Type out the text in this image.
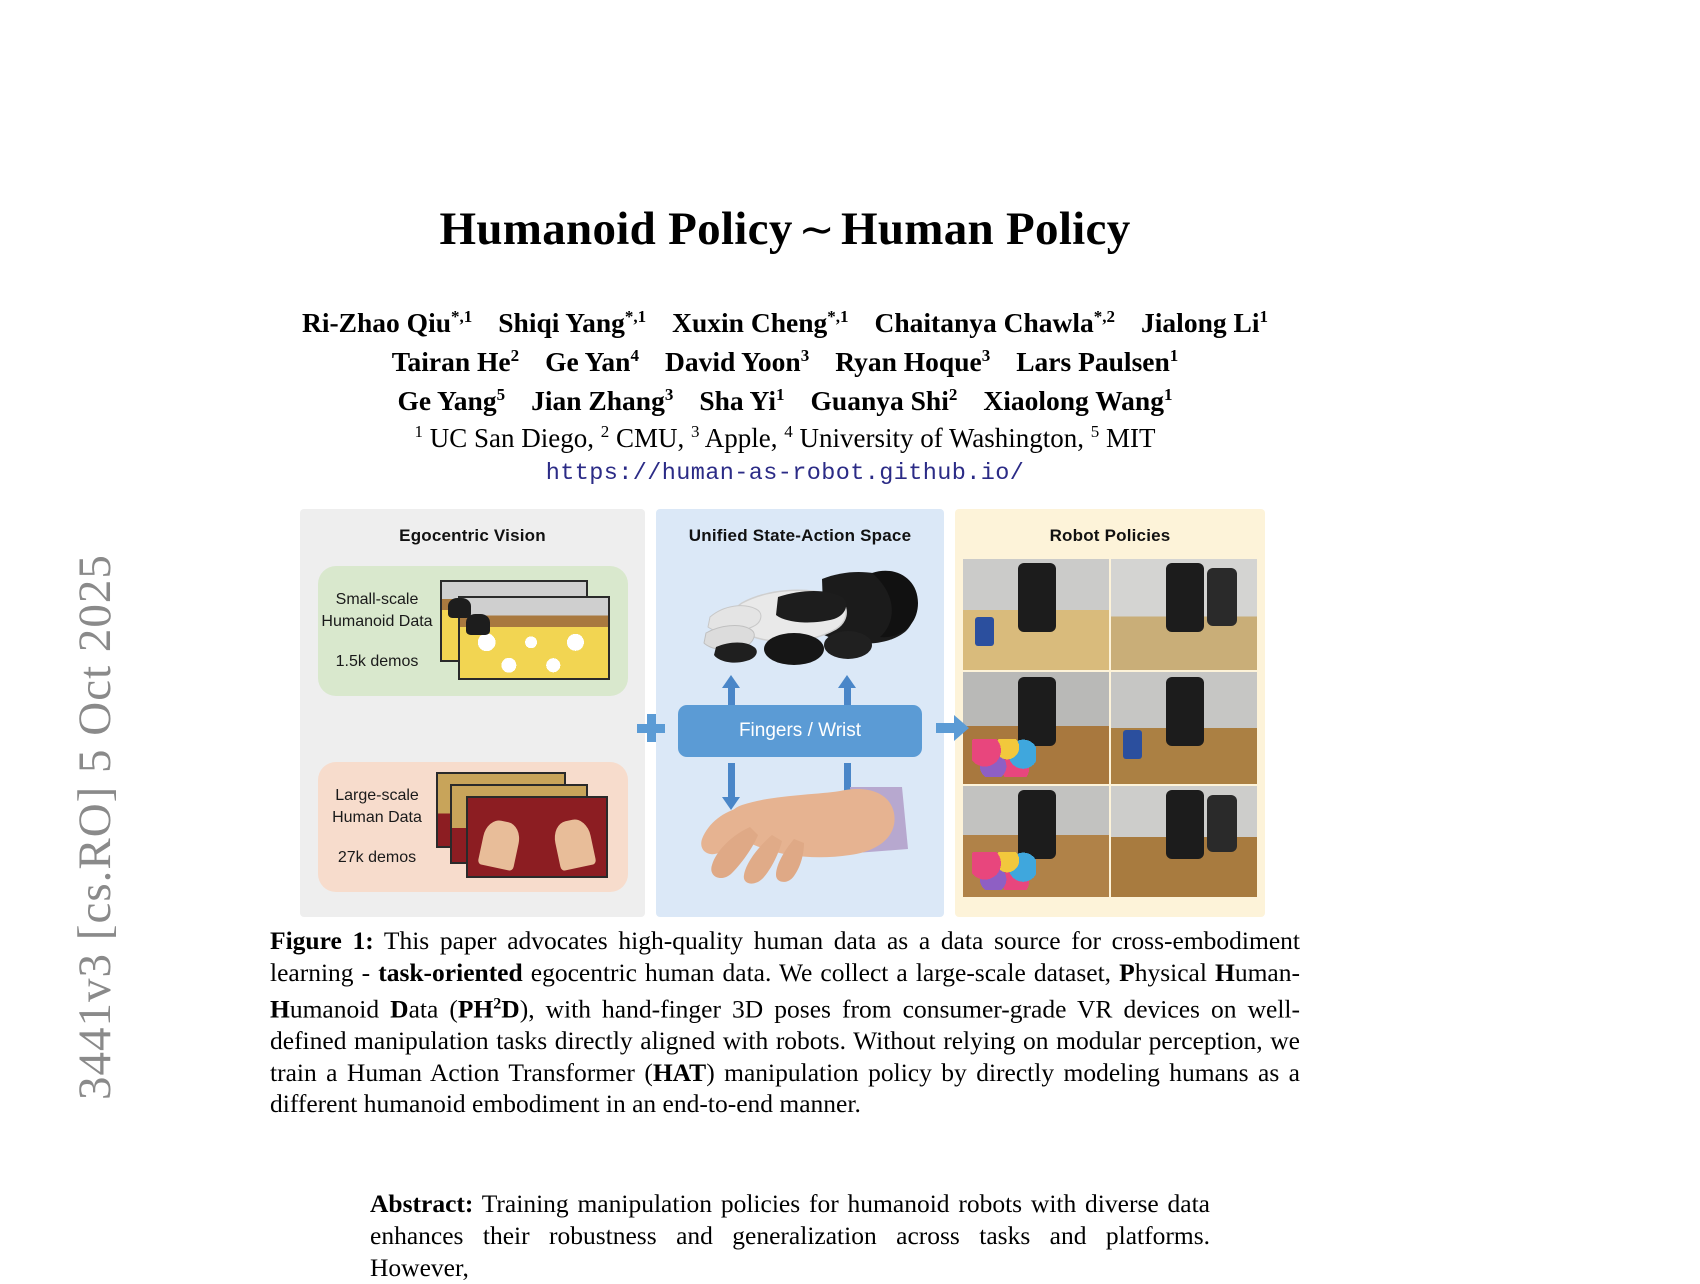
3441v3 [cs.RO] 5 Oct 2025
Humanoid Policy ∼ Human Policy
Ri-Zhao Qiu$^{*,1}$ Shiqi Yang$^{*,1}$ Xuxin Cheng$^{*,1}$ Chaitanya Chawla$^{*,2}$ Jialong Li$^1$
Tairan He$^2$ Ge Yan$^4$ David Yoon$^3$ Ryan Hoque$^3$ Lars Paulsen$^1$
Ge Yang$^5$ Jian Zhang$^3$ Sha Yi$^1$ Guanya Shi$^2$ Xiaolong Wang$^1$
$^1$ UC San Diego, $^2$ CMU, $^3$ Apple, $^4$ University of Washington, $^5$ MIT
https://human-as-robot.github.io/
Egocentric Vision
Small-scale
Humanoid Data
1.5k demos
Large-scale
Human Data
27k demos
Unified State-Action Space
Fingers / Wrist
Robot Policies
Figure 1: This paper advocates high-quality human data as a data source for cross-embodiment learning - task-oriented egocentric human data. We collect a large-scale dataset, Physical Human-Humanoid Data $(PH^2D)$, with hand-finger 3D poses from consumer-grade VR devices on well-defined manipulation tasks directly aligned with robots. Without relying on modular perception, we train a Human Action Transformer (HAT) manipulation policy by directly modeling humans as a different humanoid embodiment in an end-to-end manner.
Abstract: Training manipulation policies for humanoid robots with diverse data enhances their robustness and generalization across tasks and platforms. However,
